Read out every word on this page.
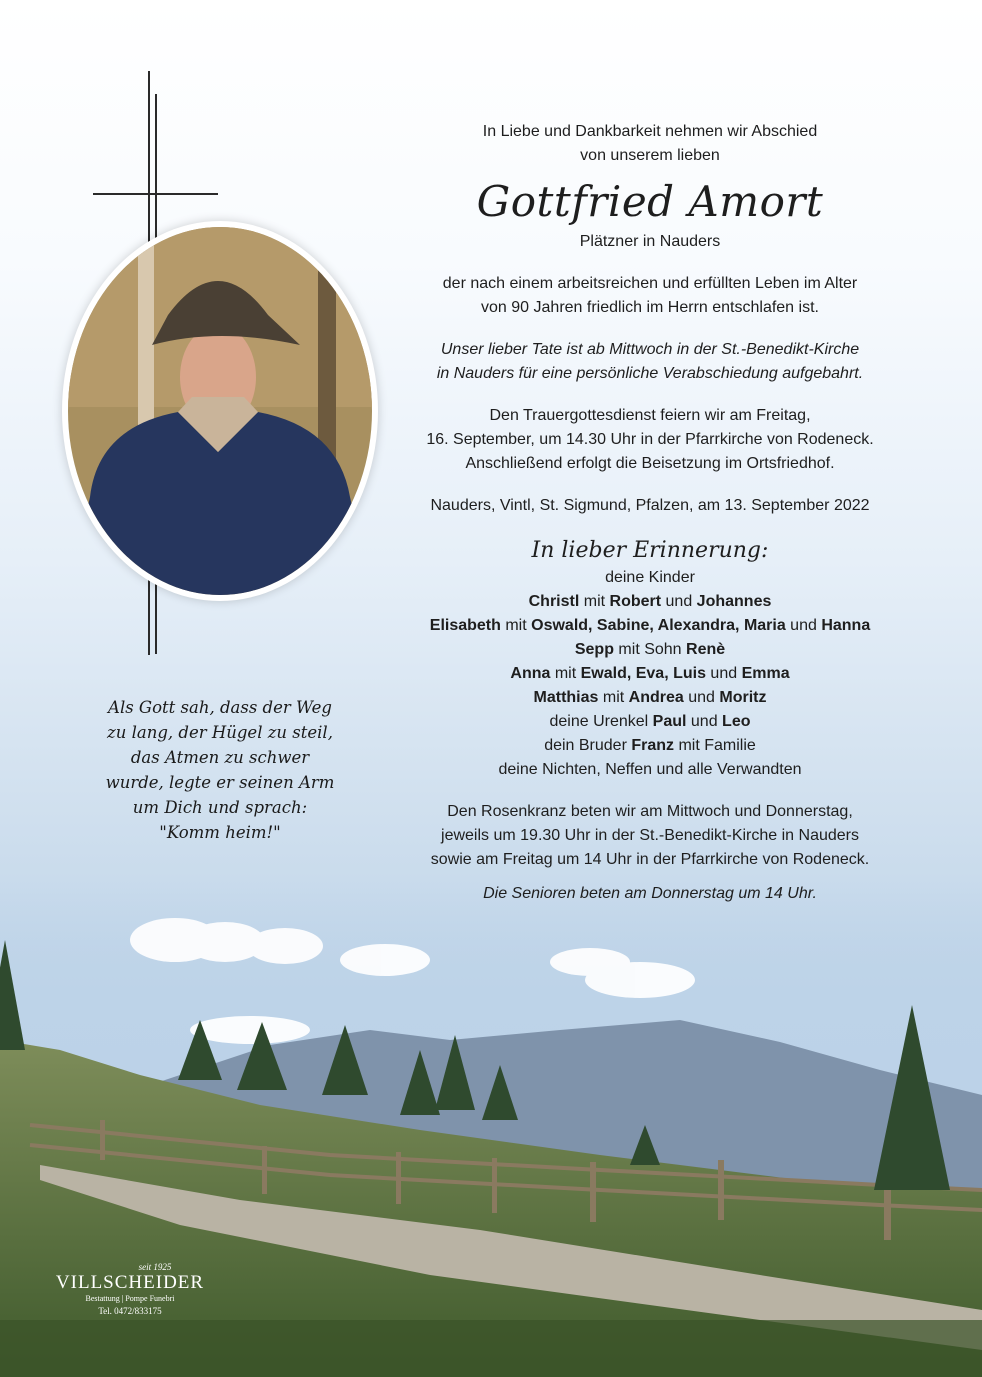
Als Gott sah, dass der Weg
zu lang, der Hügel zu steil,
das Atmen zu schwer
wurde, legte er seinen Arm
um Dich und sprach:
"Komm heim!"

In Liebe und Dankbarkeit nehmen wir Abschied

von unserem lieben

Gottfried Amort

Plätzner in Nauders

der nach einem arbeitsreichen und erfüllten Leben im Alter

von 90 Jahren friedlich im Herrn entschlafen ist.

Unser lieber Tate ist ab Mittwoch in der St.-Benedikt-Kirche

in Nauders für eine persönliche Verabschiedung aufgebahrt.

Den Trauergottesdienst feiern wir am Freitag,

16. September, um 14.30 Uhr in der Pfarrkirche von Rodeneck.

Anschließend erfolgt die Beisetzung im Ortsfriedhof.

Nauders, Vintl, St. Sigmund, Pfalzen, am 13. September 2022

In lieber Erinnerung:

deine Kinder

Christl mit Robert und Johannes

Elisabeth mit Oswald, Sabine, Alexandra, Maria und Hanna

Sepp mit Sohn Renè

Anna mit Ewald, Eva, Luis und Emma

Matthias mit Andrea und Moritz

deine Urenkel Paul und Leo

dein Bruder Franz mit Familie

deine Nichten, Neffen und alle Verwandten

Den Rosenkranz beten wir am Mittwoch und Donnerstag,

jeweils um 19.30 Uhr in der St.-Benedikt-Kirche in Nauders

sowie am Freitag um 14 Uhr in der Pfarrkirche von Rodeneck.

Die Senioren beten am Donnerstag um 14 Uhr.

seit 1925
VILLSCHEIDER
Bestattung | Pompe Funebri
Tel. 0472/833175
